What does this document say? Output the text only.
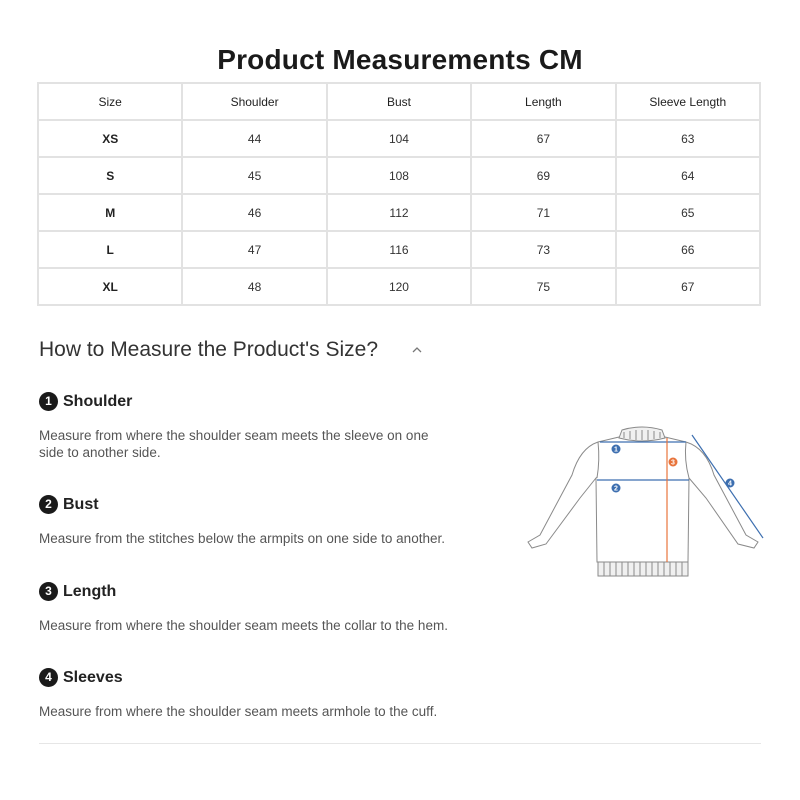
Product Measurements CM
Size	Shoulder	Bust	Length	Sleeve Length
XS	44	104	67	63
S	45	108	69	64
M	46	112	71	65
L	47	116	73	66
XL	48	120	75	67
How to Measure the Product's Size?
1 Shoulder
Measure from where the shoulder seam meets the sleeve on one
side to another side.
2 Bust
Measure from the stitches below the armpits on one side to another.
3 Length
Measure from where the shoulder seam meets the collar to the hem.
4 Sleeves
Measure from where the shoulder seam meets armhole to the cuff.
1
2
3
4
